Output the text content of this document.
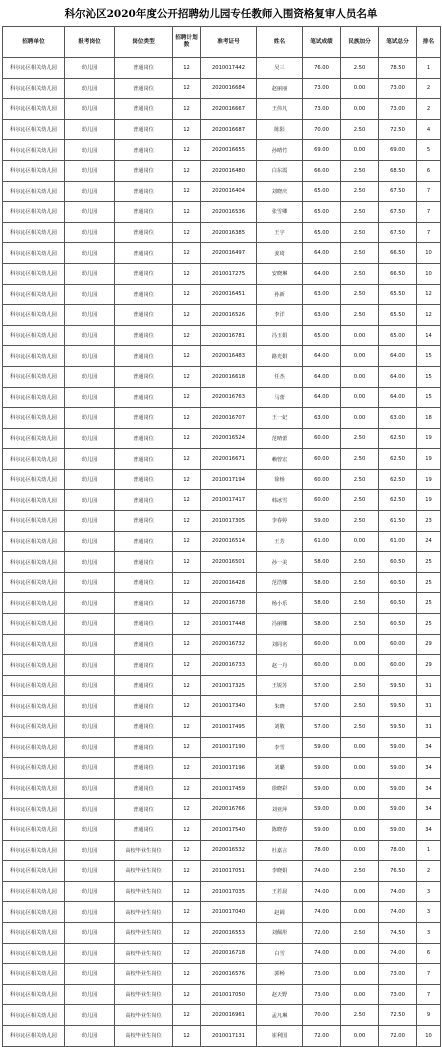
科尔沁区2020年度公开招聘幼儿园专任教师入围资格复审人员名单
招聘单位	报考岗位	岗位类型	招聘计划数	准考证号	姓名	笔试成绩	民族加分	笔试总分	排名
科尔沁区相关幼儿园	幼儿园	普通岗位	12	2010017442	吴三	76.00	2.50	78.50	1
科尔沁区相关幼儿园	幼儿园	普通岗位	12	2020016684	赵丽丽	73.00	0.00	73.00	2
科尔沁区相关幼儿园	幼儿园	普通岗位	12	2020016667	王伟凡	73.00	0.00	73.00	2
科尔沁区相关幼儿园	幼儿园	普通岗位	12	2020016687	陈阳	70.00	2.50	72.50	4
科尔沁区相关幼儿园	幼儿园	普通岗位	12	2020016655	孙晴竹	69.00	0.00	69.00	5
科尔沁区相关幼儿园	幼儿园	普通岗位	12	2020016480	白东霞	66.00	2.50	68.50	6
科尔沁区相关幼儿园	幼儿园	普通岗位	12	2020016404	刘晓庆	65.00	2.50	67.50	7
科尔沁区相关幼儿园	幼儿园	普通岗位	12	2020016536	张雪卿	65.00	2.50	67.50	7
科尔沁区相关幼儿园	幼儿园	普通岗位	12	2020016385	王宇	65.00	2.50	67.50	7
科尔沁区相关幼儿园	幼儿园	普通岗位	12	2020016497	姜琦	64.00	2.50	66.50	10
科尔沁区相关幼儿园	幼儿园	普通岗位	12	2010017275	安晓琳	64.00	2.50	66.50	10
科尔沁区相关幼儿园	幼儿园	普通岗位	12	2020016451	孙新	63.00	2.50	65.50	12
科尔沁区相关幼儿园	幼儿园	普通岗位	12	2020016526	李洋	63.00	2.50	65.50	12
科尔沁区相关幼儿园	幼儿园	普通岗位	12	2020016781	冯玉娟	65.00	0.00	65.00	14
科尔沁区相关幼儿园	幼儿园	普通岗位	12	2020016483	路光娟	64.00	0.00	64.00	15
科尔沁区相关幼儿园	幼儿园	普通岗位	12	2020016618	任杰	64.00	0.00	64.00	15
科尔沁区相关幼儿园	幼儿园	普通岗位	12	2020016763	马蕾	64.00	0.00	64.00	15
科尔沁区相关幼儿园	幼儿园	普通岗位	12	2020016707	王一妃	63.00	0.00	63.00	18
科尔沁区相关幼儿园	幼儿园	普通岗位	12	2020016524	范晴蕾	60.00	2.50	62.50	19
科尔沁区相关幼儿园	幼儿园	普通岗位	12	2020016671	赖曾宏	60.00	2.50	62.50	19
科尔沁区相关幼儿园	幼儿园	普通岗位	12	2010017194	徐杨	60.00	2.50	62.50	19
科尔沁区相关幼儿园	幼儿园	普通岗位	12	2010017417	韩冰雪	60.00	2.50	62.50	19
科尔沁区相关幼儿园	幼儿园	普通岗位	12	2010017305	李春婷	59.00	2.50	61.50	23
科尔沁区相关幼儿园	幼儿园	普通岗位	12	2020016514	王芳	61.00	0.00	61.00	24
科尔沁区相关幼儿园	幼儿园	普通岗位	12	2020016501	孙一美	58.00	2.50	60.50	25
科尔沁区相关幼儿园	幼儿园	普通岗位	12	2020016428	范浩娜	58.00	2.50	60.50	25
科尔沁区相关幼儿园	幼儿园	普通岗位	12	2020016738	杨小乐	58.00	2.50	60.50	25
科尔沁区相关幼儿园	幼儿园	普通岗位	12	2010017448	冯丽娜	58.00	2.50	60.50	25
科尔沁区相关幼儿园	幼儿园	普通岗位	12	2020016732	刘同名	60.00	0.00	60.00	29
科尔沁区相关幼儿园	幼儿园	普通岗位	12	2020016733	赵一丹	60.00	0.00	60.00	29
科尔沁区相关幼儿园	幼儿园	普通岗位	12	2010017325	王锐苏	57.00	2.50	59.50	31
科尔沁区相关幼儿园	幼儿园	普通岗位	12	2010017340	朱晓	57.00	2.50	59.50	31
科尔沁区相关幼儿园	幼儿园	普通岗位	12	2010017495	刘敬	57.00	2.50	59.50	31
科尔沁区相关幼儿园	幼儿园	普通岗位	12	2010017190	李雪	59.00	0.00	59.00	34
科尔沁区相关幼儿园	幼儿园	普通岗位	12	2010017196	刘璐	59.00	0.00	59.00	34
科尔沁区相关幼儿园	幼儿园	普通岗位	12	2010017459	徐晓彩	59.00	0.00	59.00	34
科尔沁区相关幼儿园	幼儿园	普通岗位	12	2020016766	刘亚萍	59.00	0.00	59.00	34
科尔沁区相关幼儿园	幼儿园	普通岗位	12	2010017540	陈晓春	59.00	0.00	59.00	34
科尔沁区相关幼儿园	幼儿园	高校毕业生岗位	12	2020016532	杜嘉言	78.00	0.00	78.00	1
科尔沁区相关幼儿园	幼儿园	高校毕业生岗位	12	2010017051	李晓娟	74.00	2.50	76.50	2
科尔沁区相关幼儿园	幼儿园	高校毕业生岗位	12	2010017035	王若晨	74.00	0.00	74.00	3
科尔沁区相关幼儿园	幼儿园	高校毕业生岗位	12	2010017040	赵阔	74.00	0.00	74.00	3
科尔沁区相关幼儿园	幼儿园	高校毕业生岗位	12	2020016553	刘佩彤	72.00	2.50	74.50	3
科尔沁区相关幼儿园	幼儿园	高校毕业生岗位	12	2020016718	白雪	74.00	0.00	74.00	6
科尔沁区相关幼儿园	幼儿园	高校毕业生岗位	12	2020016576	郭畅	73.00	0.00	73.00	7
科尔沁区相关幼儿园	幼儿园	高校毕业生岗位	12	2010017050	赵天野	73.00	0.00	73.00	7
科尔沁区相关幼儿园	幼儿园	高校毕业生岗位	12	2020016961	孟凡琳	70.00	2.50	72.50	9
科尔沁区相关幼儿园	幼儿园	高校毕业生岗位	12	2010017131	崔利国	72.00	0.00	72.00	10
